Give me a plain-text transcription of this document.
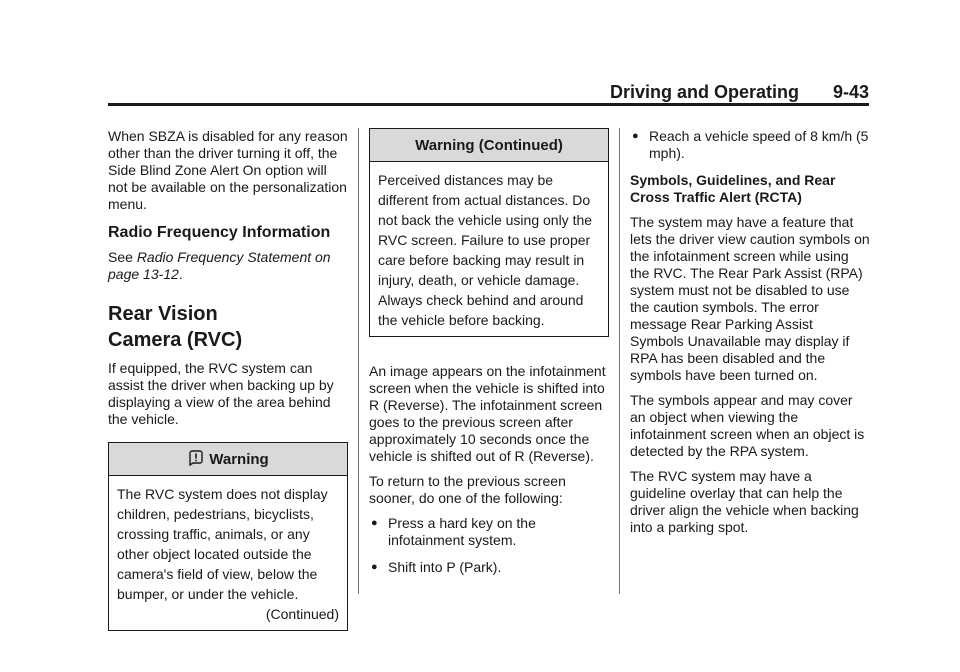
Driving and Operating 9-43

When SBZA is disabled for any reason other than the driver turning it off, the Side Blind Zone Alert On option will not be available on the personalization menu.

Radio Frequency Information

See Radio Frequency Statement on page 13-12.

Rear Vision
Camera (RVC)

If equipped, the RVC system can assist the driver when backing up by displaying a view of the area behind the vehicle.

Warning
The RVC system does not display children, pedestrians, bicyclists, crossing traffic, animals, or any other object located outside the camera's field of view, below the bumper, or under the vehicle.
(Continued)
Warning (Continued)
Perceived distances may be different from actual distances. Do not back the vehicle using only the RVC screen. Failure to use proper care before backing may result in injury, death, or vehicle damage. Always check behind and around the vehicle before backing.

An image appears on the infotainment screen when the vehicle is shifted into R (Reverse). The infotainment screen goes to the previous screen after approximately 10 seconds once the vehicle is shifted out of R (Reverse).

To return to the previous screen sooner, do one of the following:

● Press a hard key on the infotainment system.
● Shift into P (Park).
● Reach a vehicle speed of 8 km/h (5 mph).

Symbols, Guidelines, and Rear Cross Traffic Alert (RCTA)

The system may have a feature that lets the driver view caution symbols on the infotainment screen while using the RVC. The Rear Park Assist (RPA) system must not be disabled to use the caution symbols. The error message Rear Parking Assist Symbols Unavailable may display if RPA has been disabled and the symbols have been turned on.

The symbols appear and may cover an object when viewing the infotainment screen when an object is detected by the RPA system.

The RVC system may have a guideline overlay that can help the driver align the vehicle when backing into a parking spot.
